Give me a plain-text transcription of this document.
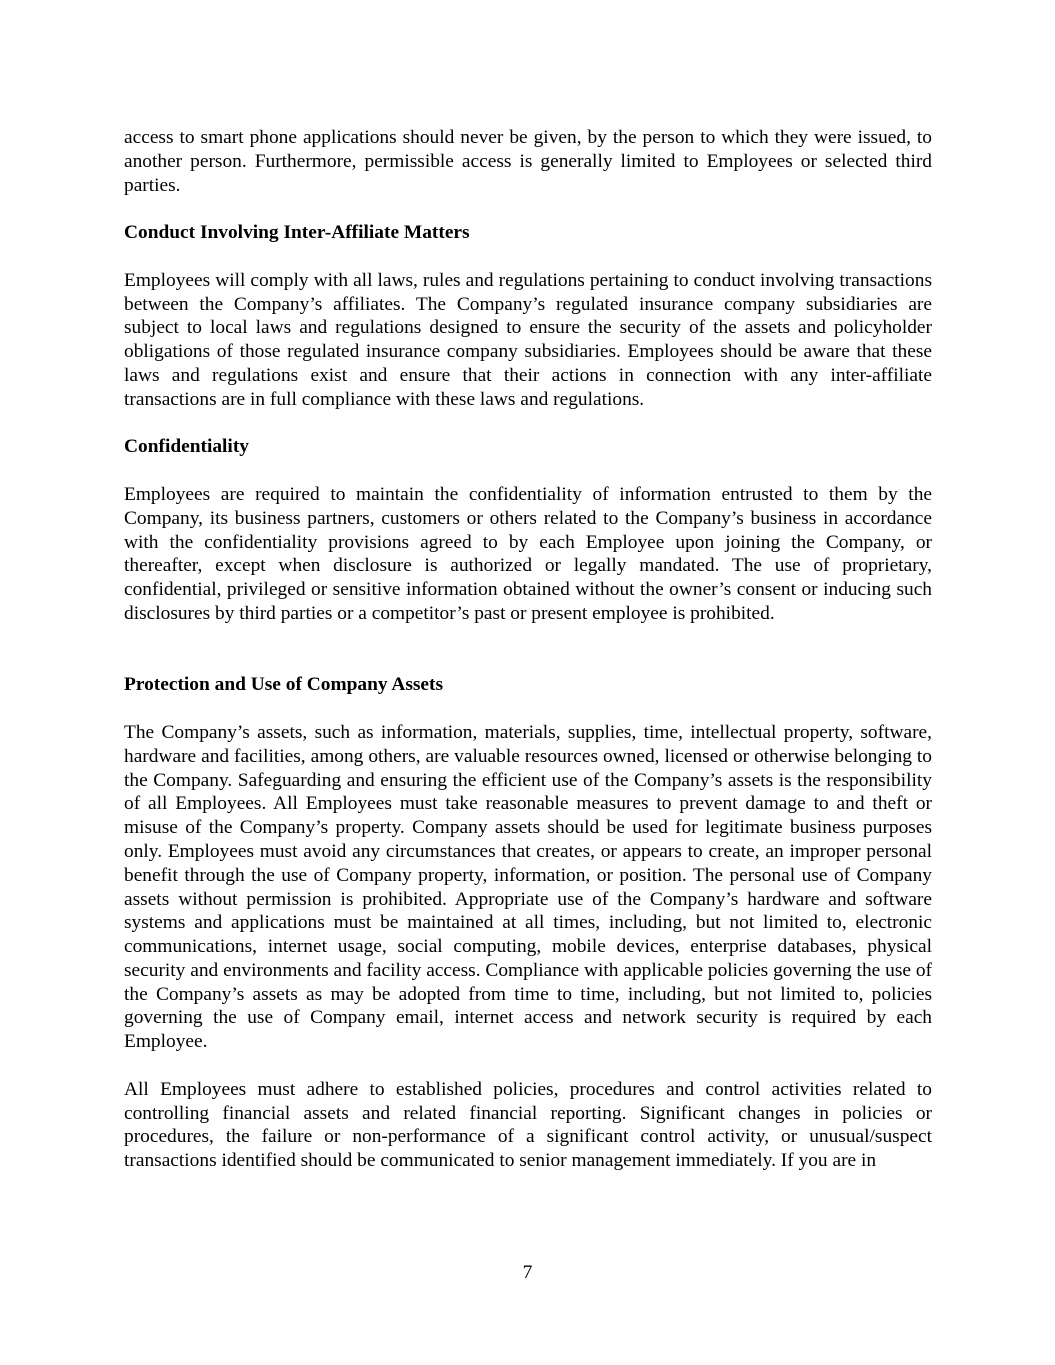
access to smart phone applications should never be given, by the person to which they were issued, to another person. Furthermore, permissible access is generally limited to Employees or selected third parties.

Conduct Involving Inter-Affiliate Matters

Employees will comply with all laws, rules and regulations pertaining to conduct involving transactions between the Company’s affiliates. The Company’s regulated insurance company subsidiaries are subject to local laws and regulations designed to ensure the security of the assets and policyholder obligations of those regulated insurance company subsidiaries. Employees should be aware that these laws and regulations exist and ensure that their actions in connection with any inter-affiliate transactions are in full compliance with these laws and regulations.

Confidentiality

Employees are required to maintain the confidentiality of information entrusted to them by the Company, its business partners, customers or others related to the Company’s business in accordance with the confidentiality provisions agreed to by each Employee upon joining the Company, or thereafter, except when disclosure is authorized or legally mandated. The use of proprietary, confidential, privileged or sensitive information obtained without the owner’s consent or inducing such disclosures by third parties or a competitor’s past or present employee is prohibited.

Protection and Use of Company Assets

The Company’s assets, such as information, materials, supplies, time, intellectual property, software, hardware and facilities, among others, are valuable resources owned, licensed or otherwise belonging to the Company. Safeguarding and ensuring the efficient use of the Company’s assets is the responsibility of all Employees. All Employees must take reasonable measures to prevent damage to and theft or misuse of the Company’s property. Company assets should be used for legitimate business purposes only. Employees must avoid any circumstances that creates, or appears to create, an improper personal benefit through the use of Company property, information, or position. The personal use of Company assets without permission is prohibited. Appropriate use of the Company’s hardware and software systems and applications must be maintained at all times, including, but not limited to, electronic communications, internet usage, social computing, mobile devices, enterprise databases, physical security and environments and facility access. Compliance with applicable policies governing the use of the Company’s assets as may be adopted from time to time, including, but not limited to, policies governing the use of Company email, internet access and network security is required by each Employee.

All Employees must adhere to established policies, procedures and control activities related to controlling financial assets and related financial reporting. Significant changes in policies or procedures, the failure or non-performance of a significant control activity, or unusual/suspect transactions identified should be communicated to senior management immediately. If you are in

7
